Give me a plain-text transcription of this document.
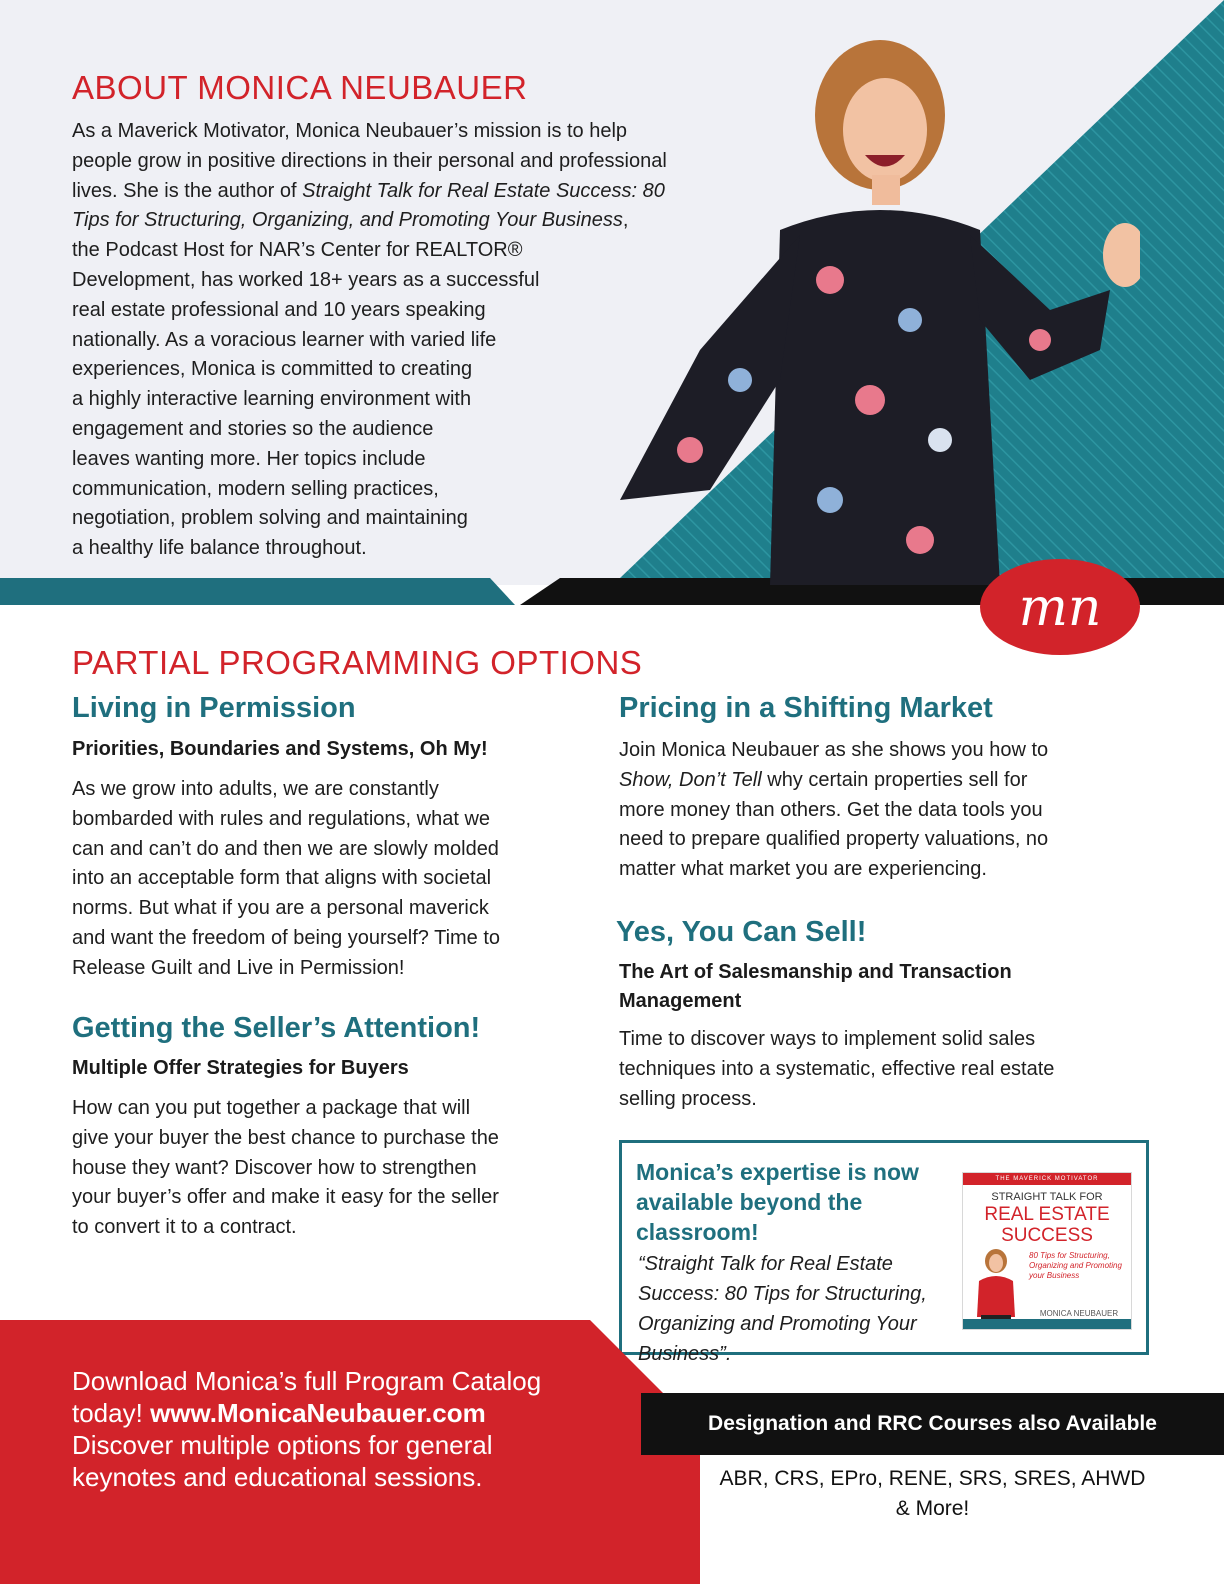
ABOUT MONICA NEUBAUER

As a Maverick Motivator, Monica Neubauer’s mission is to help
people grow in positive directions in their personal and professional
lives. She is the author of Straight Talk for Real Estate Success: 80
Tips for Structuring, Organizing, and Promoting Your Business,
the Podcast Host for NAR’s Center for REALTOR®
Development, has worked 18+ years as a successful
real estate professional and 10 years speaking
nationally. As a voracious learner with varied life
experiences, Monica is committed to creating
a highly interactive learning environment with
engagement and stories so the audience
leaves wanting more. Her topics include
communication, modern selling practices,
negotiation, problem solving and maintaining
a healthy life balance throughout.

mn
PARTIAL PROGRAMMING OPTIONS
Living in Permission

Priorities, Boundaries and Systems, Oh My!

As we grow into adults, we are constantly
bombarded with rules and regulations, what we
can and can’t do and then we are slowly molded
into an acceptable form that aligns with societal
norms. But what if you are a personal maverick
and want the freedom of being yourself? Time to
Release Guilt and Live in Permission!

Getting the Seller’s Attention!

Multiple Offer Strategies for Buyers

How can you put together a package that will
give your buyer the best chance to purchase the
house they want? Discover how to strengthen
your buyer’s offer and make it easy for the seller
to convert it to a contract.

Pricing in a Shifting Market

Join Monica Neubauer as she shows you how to
Show, Don’t Tell why certain properties sell for
more money than others. Get the data tools you
need to prepare qualified property valuations, no
matter what market you are experiencing.

Yes, You Can Sell!

The Art of Salesmanship and Transaction Management

Time to discover ways to implement solid sales
techniques into a systematic, effective real estate
selling process.

Monica’s expertise is now available beyond the classroom!

“Straight Talk for Real Estate Success: 80 Tips for Structuring, Organizing and Promoting Your Business”.

THE MAVERICK MOTIVATOR
STRAIGHT TALK FOR
REAL ESTATE SUCCESS
80 Tips for Structuring, Organizing and Promoting your Business
MONICA NEUBAUER

Download Monica’s full Program Catalog
today! www.MonicaNeubauer.com
Discover multiple options for general
keynotes and educational sessions.

Designation and RRC Courses also Available

ABR, CRS, EPro, RENE, SRS, SRES, AHWD
& More!
